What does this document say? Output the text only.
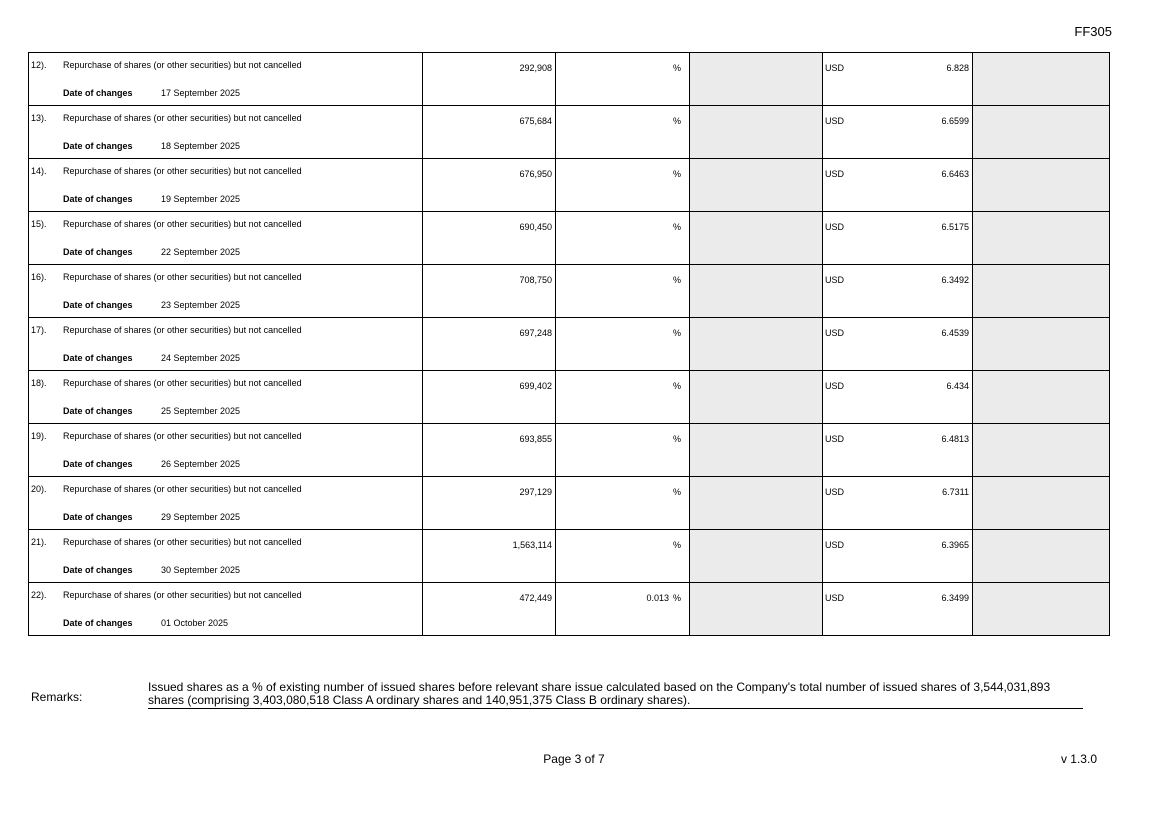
FF305
12). Repurchase of shares (or other securities) but not cancelled
Date of changes 17 September 2025	292,908	%		USD 6.828	

13). Repurchase of shares (or other securities) but not cancelled
Date of changes 18 September 2025	675,684	%		USD 6.6599	

14). Repurchase of shares (or other securities) but not cancelled
Date of changes 19 September 2025	676,950	%		USD 6.6463	

15). Repurchase of shares (or other securities) but not cancelled
Date of changes 22 September 2025	690,450	%		USD 6.5175	

16). Repurchase of shares (or other securities) but not cancelled
Date of changes 23 September 2025	708,750	%		USD 6.3492	

17). Repurchase of shares (or other securities) but not cancelled
Date of changes 24 September 2025	697,248	%		USD 6.4539	

18). Repurchase of shares (or other securities) but not cancelled
Date of changes 25 September 2025	699,402	%		USD 6.434	

19). Repurchase of shares (or other securities) but not cancelled
Date of changes 26 September 2025	693,855	%		USD 6.4813	

20). Repurchase of shares (or other securities) but not cancelled
Date of changes 29 September 2025	297,129	%		USD 6.7311	

21). Repurchase of shares (or other securities) but not cancelled
Date of changes 30 September 2025	1,563,114	%		USD 6.3965	

22). Repurchase of shares (or other securities) but not cancelled
Date of changes 01 October 2025	472,449	0.013 %		USD 6.3499	

Remarks:
Issued shares as a % of existing number of issued shares before relevant share issue calculated based on the Company's total number of issued shares of 3,544,031,893 shares (comprising 3,403,080,518 Class A ordinary shares and 140,951,375 Class B ordinary shares).
Page 3 of 7	v 1.3.0
